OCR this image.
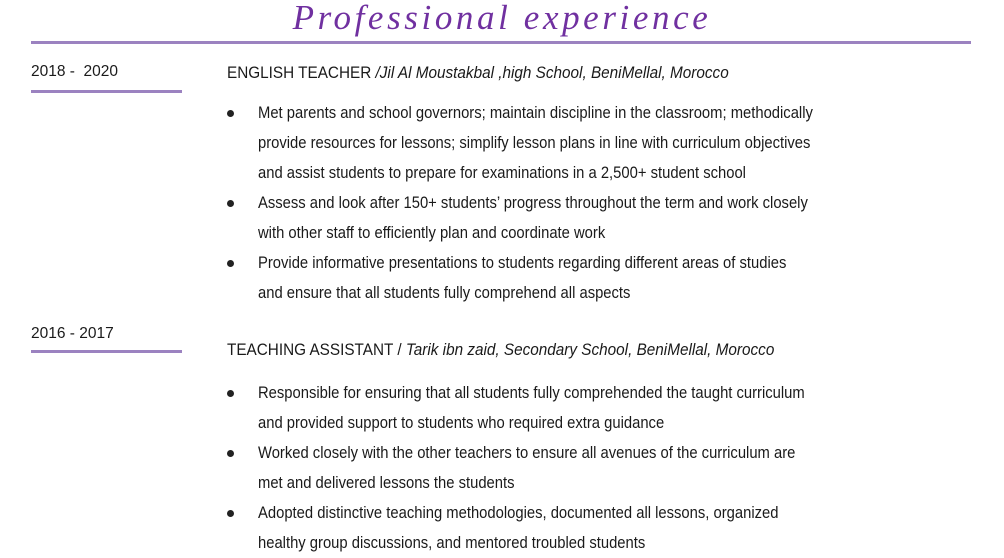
Professional experience
2018 -  2020	ENGLISH TEACHER /Jil Al Moustakbal ,high School, BeniMellal, Morocco
Met parents and school governors; maintain discipline in the classroom; methodically
provide resources for lessons; simplify lesson plans in line with curriculum objectives
and assist students to prepare for examinations in a 2,500+ student school
Assess and look after 150+ students’ progress throughout the term and work closely
with other staff to efficiently plan and coordinate work
Provide informative presentations to students regarding different areas of studies
and ensure that all students fully comprehend all aspects
2016 - 2017
TEACHING ASSISTANT / Tarik ibn zaid, Secondary School, BeniMellal, Morocco
Responsible for ensuring that all students fully comprehended the taught curriculum
and provided support to students who required extra guidance
Worked closely with the other teachers to ensure all avenues of the curriculum are
met and delivered lessons the students
Adopted distinctive teaching methodologies, documented all lessons, organized
healthy group discussions, and mentored troubled students
